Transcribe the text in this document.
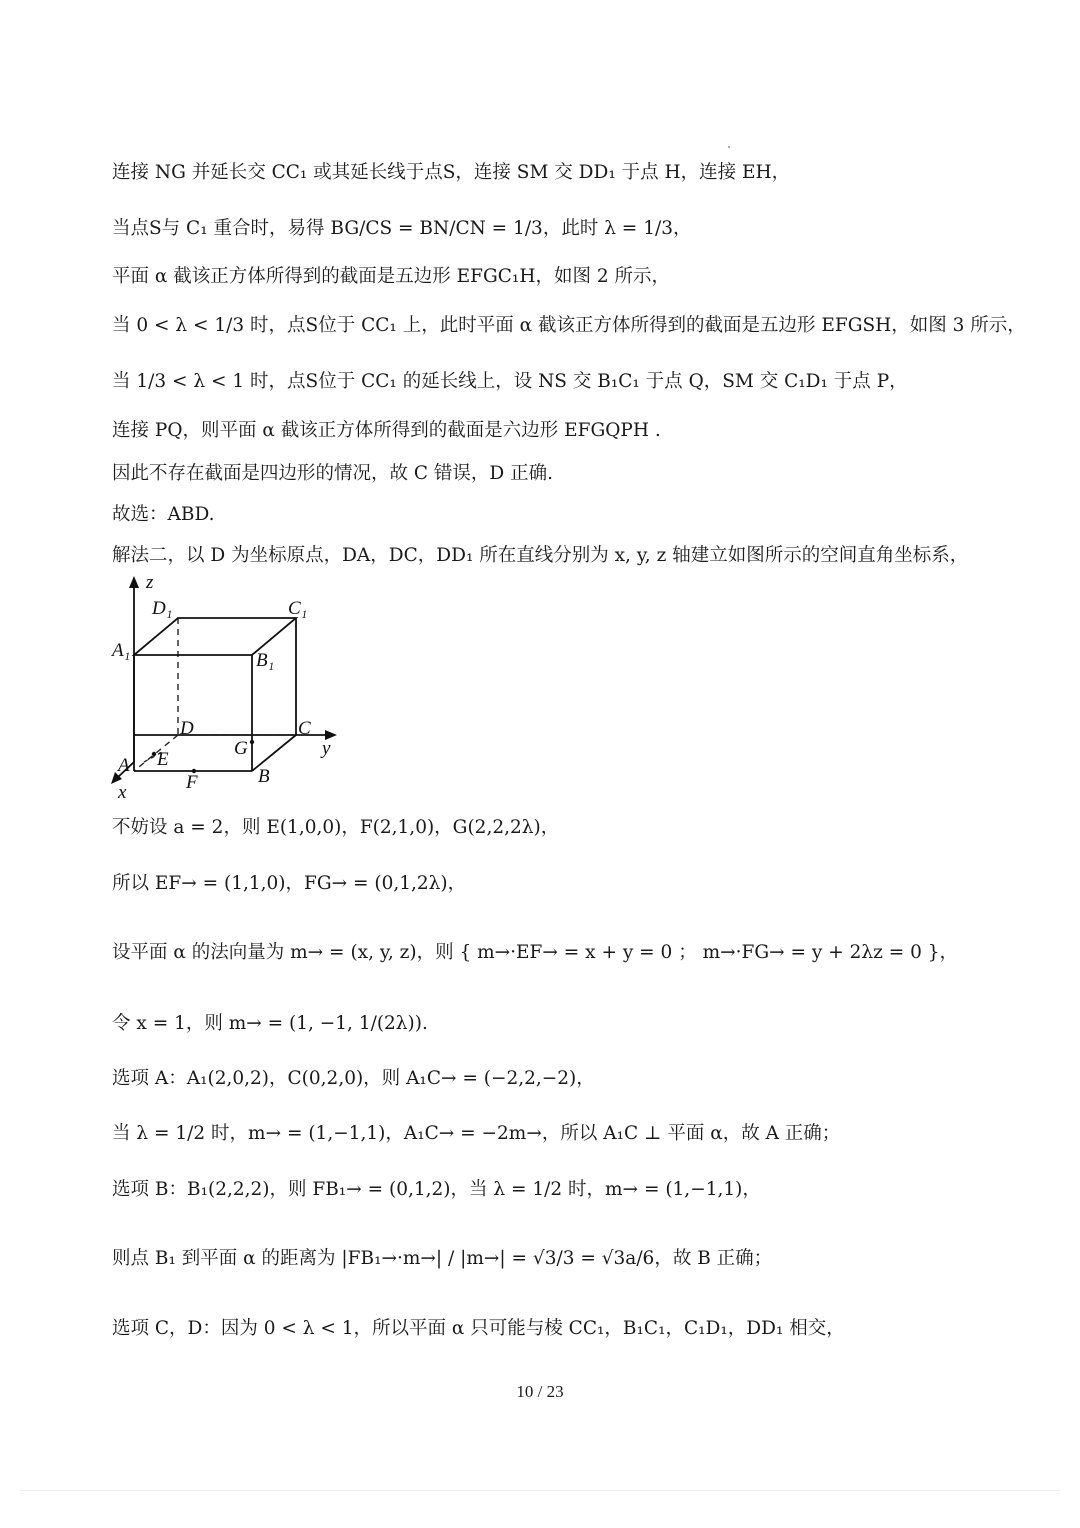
连接 NG 并延长交 CC₁ 或其延长线于点S，连接 SM 交 DD₁ 于点 H，连接 EH，
当点S与 C₁ 重合时，易得 BG/CS = BN/CN = 1/3，此时 λ = 1/3，
平面 α 截该正方体所得到的截面是五边形 EFGC₁H，如图 2 所示，
当 0 < λ < 1/3 时，点S位于 CC₁ 上，此时平面 α 截该正方体所得到的截面是五边形 EFGSH，如图 3 所示，
当 1/3 < λ < 1 时，点S位于 CC₁ 的延长线上，设 NS 交 B₁C₁ 于点 Q，SM 交 C₁D₁ 于点 P，
连接 PQ，则平面 α 截该正方体所得到的截面是六边形 EFGQPH .
因此不存在截面是四边形的情况，故 C 错误，D 正确.
故选：ABD.
解法二，以 D 为坐标原点，DA，DC，DD₁ 所在直线分别为 x, y, z 轴建立如图所示的空间直角坐标系，
z
D₁	C₁
A₁	B₁
D	C
y
G
A E
F	B
x
不妨设 a = 2，则 E(1,0,0)，F(2,1,0)，G(2,2,2λ)，
所以 EF→ = (1,1,0)，FG→ = (0,1,2λ)，
设平面 α 的法向量为 m→ = (x, y, z)，则 { m→·EF→ = x + y = 0 ； m→·FG→ = y + 2λz = 0 }，
令 x = 1，则 m→ = (1, −1, 1/(2λ)).
选项 A：A₁(2,0,2)，C(0,2,0)，则 A₁C→ = (−2,2,−2)，
当 λ = 1/2 时，m→ = (1,−1,1)，A₁C→ = −2m→，所以 A₁C ⊥ 平面 α，故 A 正确；
选项 B：B₁(2,2,2)，则 FB₁→ = (0,1,2)，当 λ = 1/2 时，m→ = (1,−1,1)，
则点 B₁ 到平面 α 的距离为 |FB₁→·m→| / |m→| = √3/3 = √3a/6，故 B 正确；
选项 C，D：因为 0 < λ < 1，所以平面 α 只可能与棱 CC₁，B₁C₁，C₁D₁，DD₁ 相交，
10 / 23
